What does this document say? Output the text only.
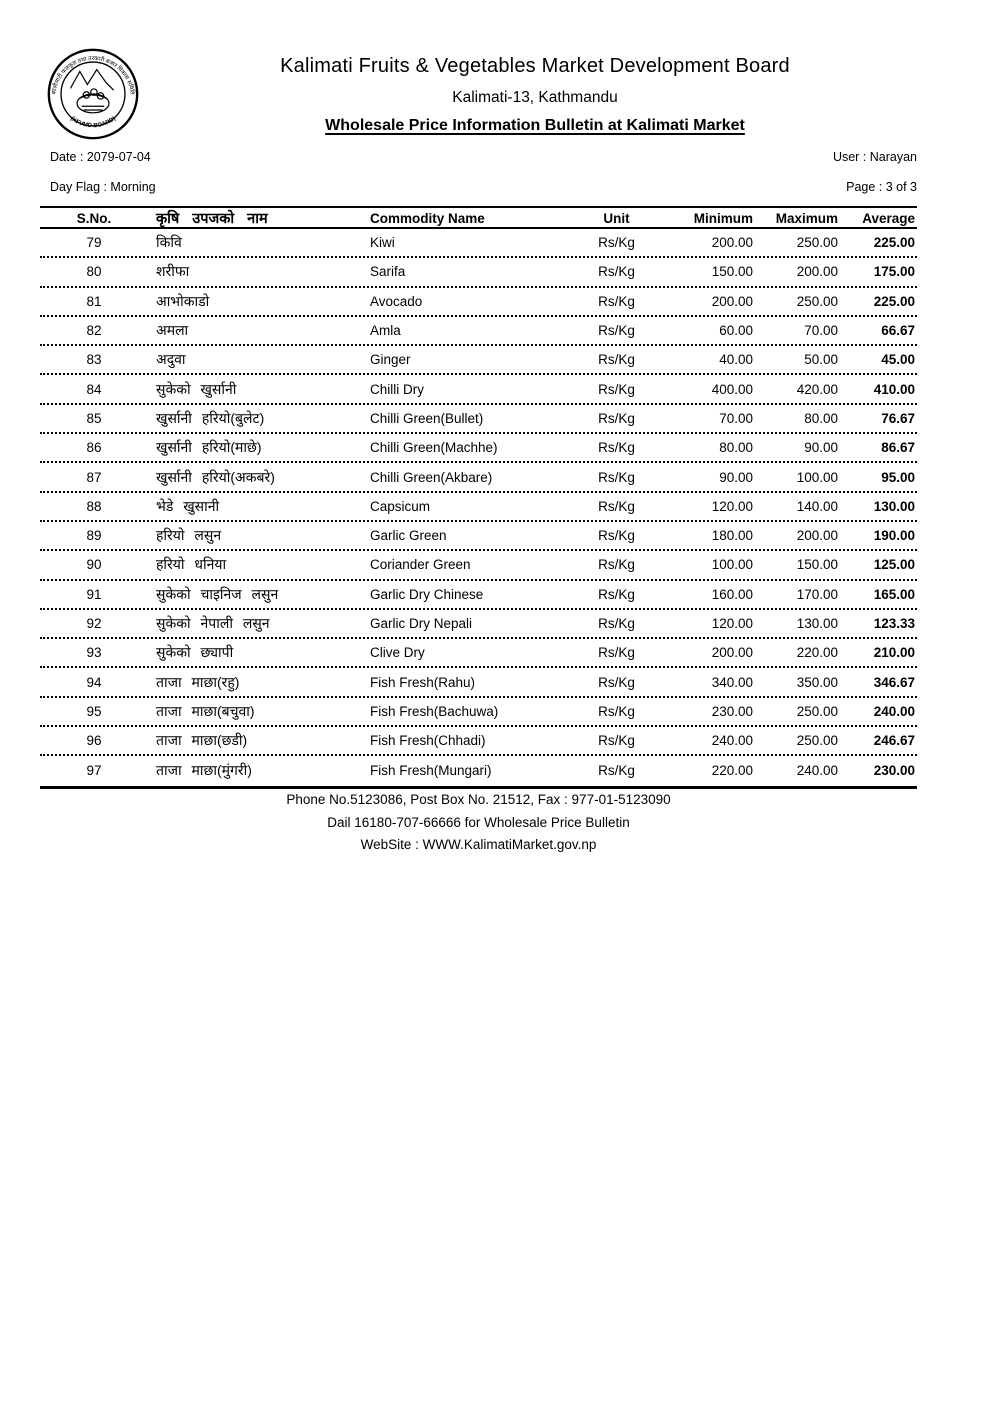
कालीमाटी फलफूल तथा तरकारी बजार विकास समिति
(KFVMD BOARD)
Kalimati Fruits & Vegetables Market Development Board
Kalimati-13, Kathmandu
Wholesale Price Information Bulletin at Kalimati Market
Date : 2079-07-04	User : Narayan
Day Flag : Morning	Page : 3 of 3
S.No.	कृषि उपजको नाम	Commodity Name	Unit	Minimum	Maximum	Average
79	किवि	Kiwi	Rs/Kg	200.00	250.00	225.00
80	शरीफा	Sarifa	Rs/Kg	150.00	200.00	175.00
81	आभोकाडो	Avocado	Rs/Kg	200.00	250.00	225.00
82	अमला	Amla	Rs/Kg	60.00	70.00	66.67
83	अदुवा	Ginger	Rs/Kg	40.00	50.00	45.00
84	सुकेको खुर्सानी	Chilli Dry	Rs/Kg	400.00	420.00	410.00
85	खुर्सानी हरियो(बुलेट)	Chilli Green(Bullet)	Rs/Kg	70.00	80.00	76.67
86	खुर्सानी हरियो(माछे)	Chilli Green(Machhe)	Rs/Kg	80.00	90.00	86.67
87	खुर्सानी हरियो(अकबरे)	Chilli Green(Akbare)	Rs/Kg	90.00	100.00	95.00
88	भेडे खुसानी	Capsicum	Rs/Kg	120.00	140.00	130.00
89	हरियो लसुन	Garlic Green	Rs/Kg	180.00	200.00	190.00
90	हरियो धनिया	Coriander Green	Rs/Kg	100.00	150.00	125.00
91	सुकेको चाइनिज लसुन	Garlic Dry Chinese	Rs/Kg	160.00	170.00	165.00
92	सुकेको नेपाली लसुन	Garlic Dry Nepali	Rs/Kg	120.00	130.00	123.33
93	सुकेको छ्यापी	Clive Dry	Rs/Kg	200.00	220.00	210.00
94	ताजा माछा(रहु)	Fish Fresh(Rahu)	Rs/Kg	340.00	350.00	346.67
95	ताजा माछा(बचुवा)	Fish Fresh(Bachuwa)	Rs/Kg	230.00	250.00	240.00
96	ताजा माछा(छडी)	Fish Fresh(Chhadi)	Rs/Kg	240.00	250.00	246.67
97	ताजा माछा(मुंगरी)	Fish Fresh(Mungari)	Rs/Kg	220.00	240.00	230.00
Phone No.5123086, Post Box No. 21512, Fax : 977-01-5123090
Dail 16180-707-66666 for Wholesale Price Bulletin
WebSite : WWW.KalimatiMarket.gov.np
